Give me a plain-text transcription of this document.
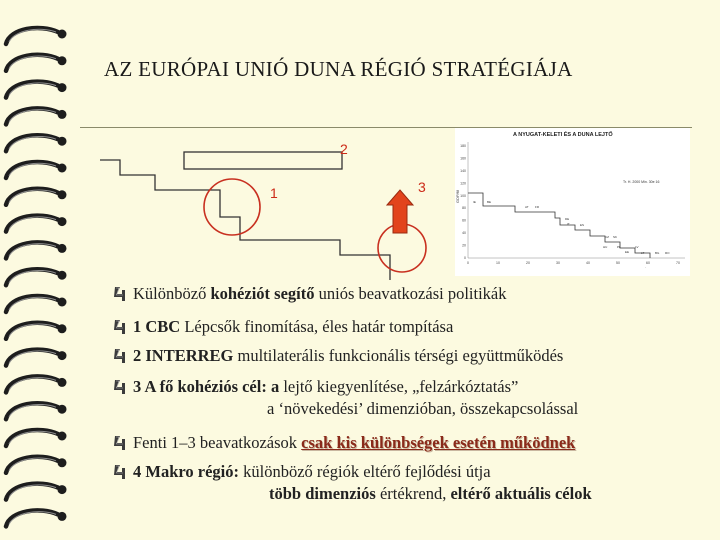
AZ EURÓPAI UNIÓ DUNA RÉGIÓ STRATÉGIÁJA
1
2
3
A NYUGAT-KELETI ÉS A DUNA LEJTŐ
GDP/fő
0
20
40
60
80
100
120
140
160
180
0	10	20	30	40	50	60	70
Tr. H. 2000 Min. 30e 16
IE	BE
AT FR
DE
IT	ES
CZ SK
HU	PL
EE
LV
LT	BG RO
.
Különböző kohéziót segítő uniós beavatkozási politikák
1 CBC Lépcsők finomítása, éles határ tompítása
2 INTERREG multilaterális funkcionális térségi együttműködés
3 A fő kohéziós cél: a lejtő kiegyenlítése, „felzárkóztatás”
a ‘növekedési’ dimenzióban, összekapcsolással
Fenti 1–3 beavatkozások csak kis különbségek esetén működnek
4 Makro régió: különböző régiók eltérő fejlődési útja
több dimenziós értékrend, eltérő aktuális célok
